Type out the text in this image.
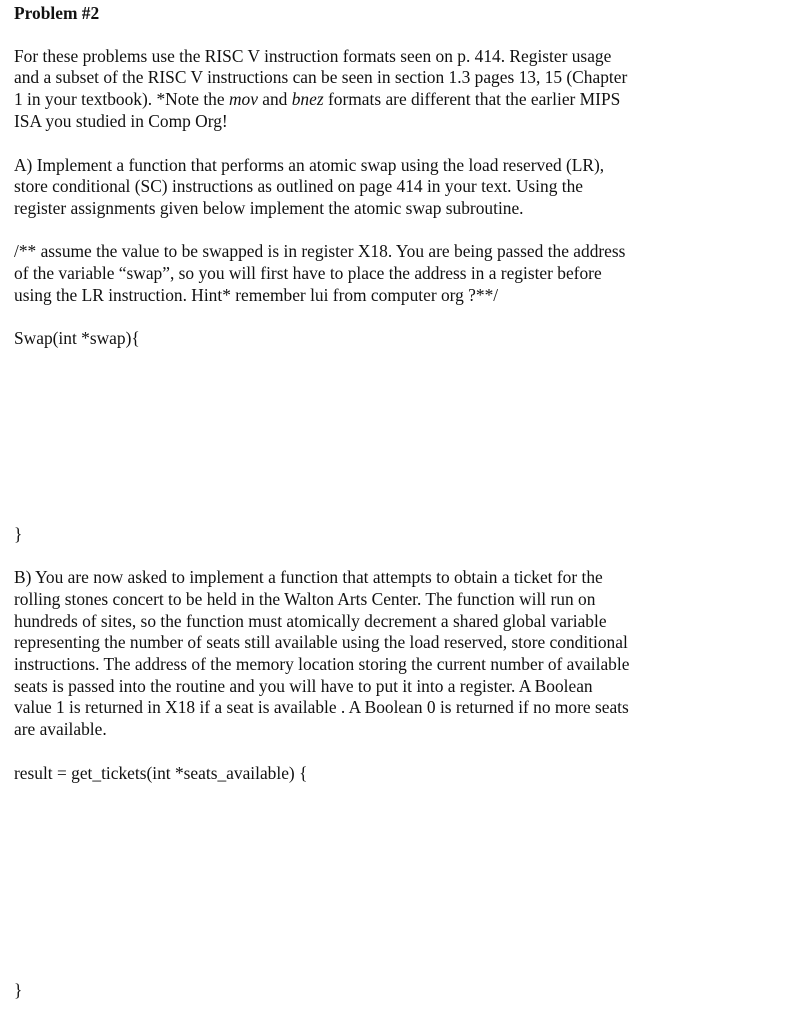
Problem #2
For these problems use the RISC V instruction formats seen on p. 414. Register usage
and a subset of the RISC V instructions can be seen in section 1.3 pages 13, 15 (Chapter
1 in your textbook). *Note the mov and bnez formats are different that the earlier MIPS
ISA you studied in Comp Org!
A) Implement a function that performs an atomic swap using the load reserved (LR),
store conditional (SC) instructions as outlined on page 414 in your text. Using the
register assignments given below implement the atomic swap subroutine.
/** assume the value to be swapped is in register X18. You are being passed the address
of the variable “swap”, so you will first have to place the address in a register before
using the LR instruction. Hint* remember lui from computer org ?**/
Swap(int *swap){
}
B) You are now asked to implement a function that attempts to obtain a ticket for the
rolling stones concert to be held in the Walton Arts Center. The function will run on
hundreds of sites, so the function must atomically decrement a shared global variable
representing the number of seats still available using the load reserved, store conditional
instructions. The address of the memory location storing the current number of available
seats is passed into the routine and you will have to put it into a register. A Boolean
value 1 is returned in X18 if a seat is available . A Boolean 0 is returned if no more seats
are available.
result = get_tickets(int *seats_available) {
}
